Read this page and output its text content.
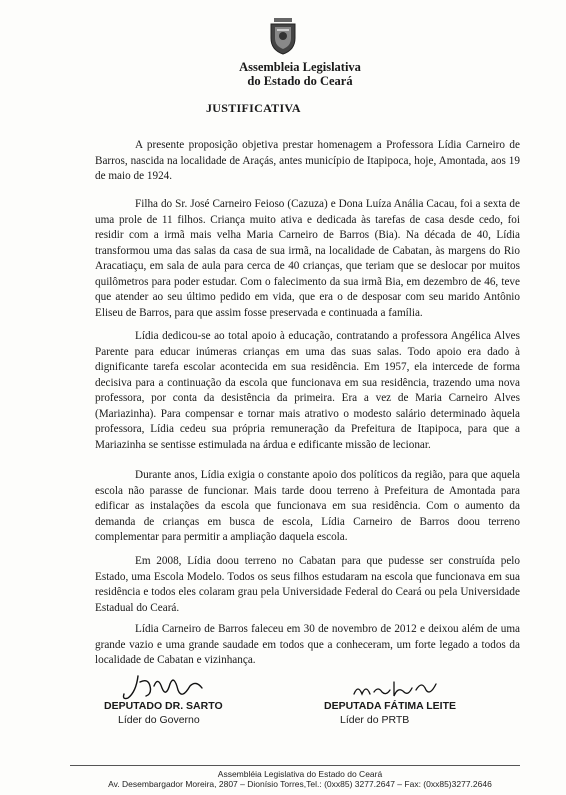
Assembleia Legislativa
do Estado do Ceará
JUSTIFICATIVA

A presente proposição objetiva prestar homenagem a Professora Lídia Carneiro de Barros, nascida na localidade de Araçás, antes município de Itapipoca, hoje, Amontada, aos 19 de maio de 1924.

Filha do Sr. José Carneiro Feioso (Cazuza) e Dona Luíza Anália Cacau, foi a sexta de uma prole de 11 filhos. Criança muito ativa e dedicada às tarefas de casa desde cedo, foi residir com a irmã mais velha Maria Carneiro de Barros (Bia). Na década de 40, Lídia transformou uma das salas da casa de sua irmã, na localidade de Cabatan, às margens do Rio Aracatiaçu, em sala de aula para cerca de 40 crianças, que teriam que se deslocar por muitos quilômetros para poder estudar. Com o falecimento da sua irmã Bia, em dezembro de 46, teve que atender ao seu último pedido em vida, que era o de desposar com seu marido Antônio Eliseu de Barros, para que assim fosse preservada e continuada a família.

Lídia dedicou-se ao total apoio à educação, contratando a professora Angélica Alves Parente para educar inúmeras crianças em uma das suas salas. Todo apoio era dado à dignificante tarefa escolar acontecida em sua residência. Em 1957, ela intercede de forma decisiva para a continuação da escola que funcionava em sua residência, trazendo uma nova professora, por conta da desistência da primeira. Era a vez de Maria Carneiro Alves (Mariazinha). Para compensar e tornar mais atrativo o modesto salário determinado àquela professora, Lídia cedeu sua própria remuneração da Prefeitura de Itapipoca, para que a Mariazinha se sentisse estimulada na árdua e edificante missão de lecionar.

Durante anos, Lídia exigia o constante apoio dos políticos da região, para que aquela escola não parasse de funcionar. Mais tarde doou terreno à Prefeitura de Amontada para edificar as instalações da escola que funcionava em sua residência. Com o aumento da demanda de crianças em busca de escola, Lídia Carneiro de Barros doou terreno complementar para permitir a ampliação daquela escola.

Em 2008, Lídia doou terreno no Cabatan para que pudesse ser construída pelo Estado, uma Escola Modelo. Todos os seus filhos estudaram na escola que funcionava em sua residência e todos eles colaram grau pela Universidade Federal do Ceará ou pela Universidade Estadual do Ceará.

Lídia Carneiro de Barros faleceu em 30 de novembro de 2012 e deixou além de uma grande vazio e uma grande saudade em todos que a conheceram, um forte legado a todos da localidade de Cabatan e vizinhança.

DEPUTADO DR. SARTO
Líder do Governo
DEPUTADA FÁTIMA LEITE
Líder do PRTB
Assembléia Legislativa do Estado do Ceará
Av. Desembargador Moreira, 2807 – Dionísio Torres,Tel.: (0xx85) 3277.2647 – Fax: (0xx85)3277.2646
